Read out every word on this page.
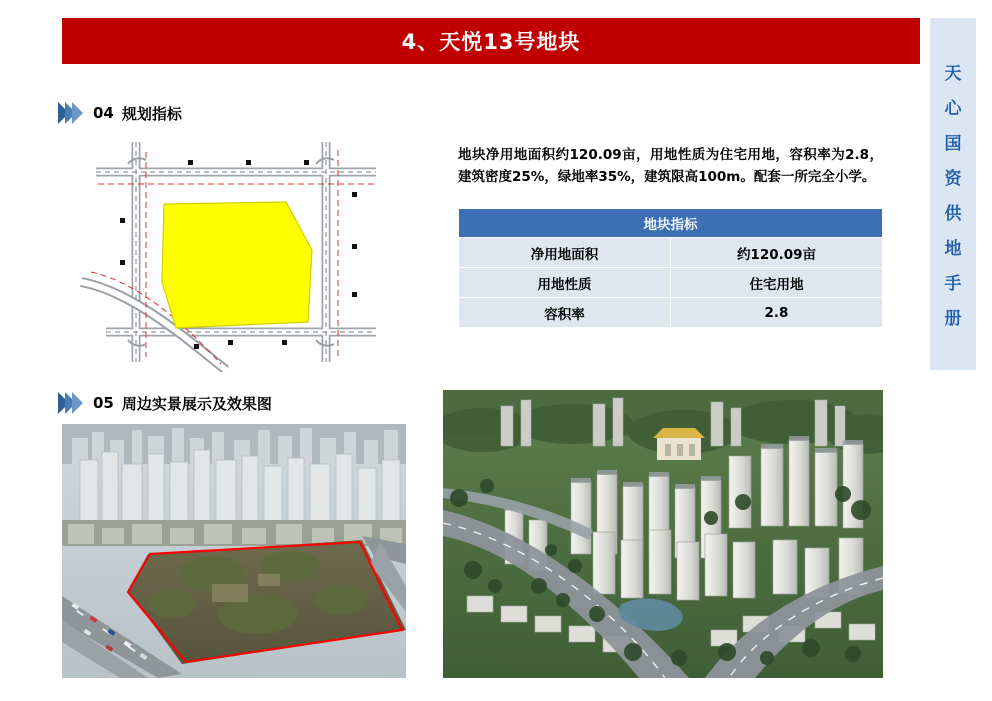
4、天悦13号地块
天
心
国
资
供
地
手
册
04 规划指标

地块净用地面积约120.09亩，用地性质为住宅用地，容积率为2.8，建筑密度25%，绿地率35%，建筑限高100m。配套一所完全小学。

地块指标	
净用地面积	约120.09亩
用地性质	住宅用地
容积率	2.8
05 周边实景展示及效果图
